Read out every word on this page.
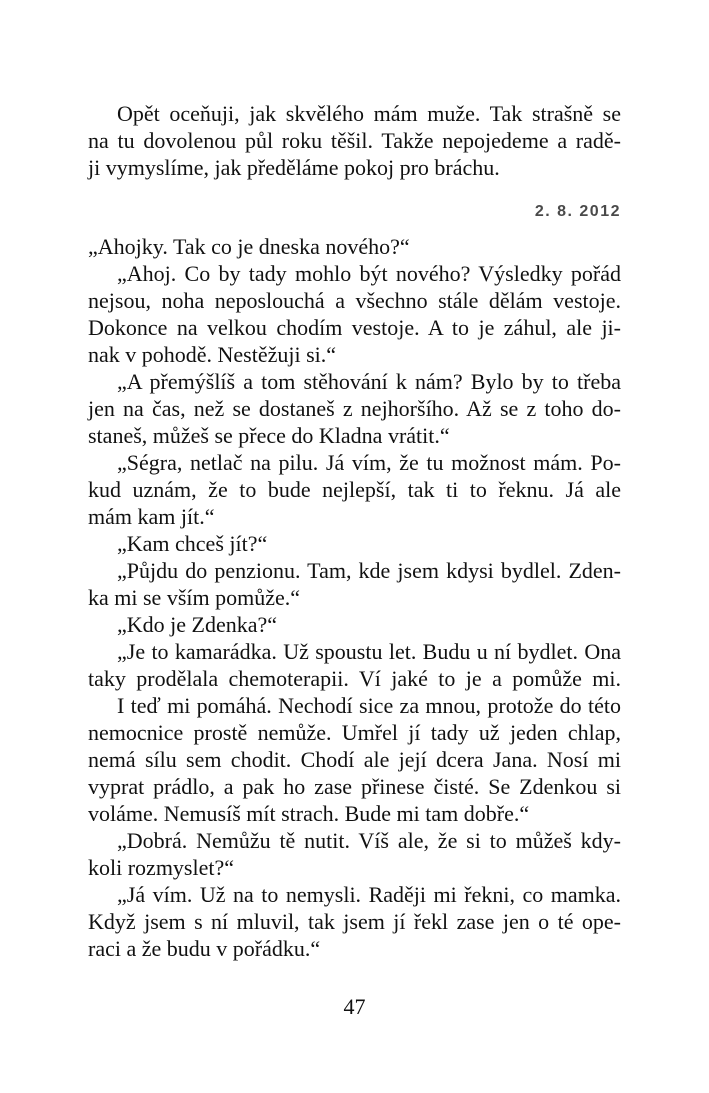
Opět oceňuji, jak skvělého mám muže. Tak strašně se
na tu dovolenou půl roku těšil. Takže nepojedeme a radě-
ji vymyslíme, jak předěláme pokoj pro bráchu.
2. 8. 2012
„Ahojky. Tak co je dneska nového?“
„Ahoj. Co by tady mohlo být nového? Výsledky pořád
nejsou, noha neposlouchá a všechno stále dělám vestoje.
Dokonce na velkou chodím vestoje. A to je záhul, ale ji-
nak v pohodě. Nestěžuji si.“
„A přemýšlíš a tom stěhování k nám? Bylo by to třeba
jen na čas, než se dostaneš z nejhoršího. Až se z toho do-
staneš, můžeš se přece do Kladna vrátit.“
„Ségra, netlač na pilu. Já vím, že tu možnost mám. Po-
kud uznám, že to bude nejlepší, tak ti to řeknu. Já ale
mám kam jít.“
„Kam chceš jít?“
„Půjdu do penzionu. Tam, kde jsem kdysi bydlel. Zden-
ka mi se vším pomůže.“
„Kdo je Zdenka?“
„Je to kamarádka. Už spoustu let. Budu u ní bydlet. Ona
taky prodělala chemoterapii. Ví jaké to je a pomůže mi.
I teď mi pomáhá. Nechodí sice za mnou, protože do této
nemocnice prostě nemůže. Umřel jí tady už jeden chlap,
nemá sílu sem chodit. Chodí ale její dcera Jana. Nosí mi
vyprat prádlo, a pak ho zase přinese čisté. Se Zdenkou si
voláme. Nemusíš mít strach. Bude mi tam dobře.“
„Dobrá. Nemůžu tě nutit. Víš ale, že si to můžeš kdy-
koli rozmyslet?“
„Já vím. Už na to nemysli. Raději mi řekni, co mamka.
Když jsem s ní mluvil, tak jsem jí řekl zase jen o té ope-
raci a že budu v pořádku.“
47
